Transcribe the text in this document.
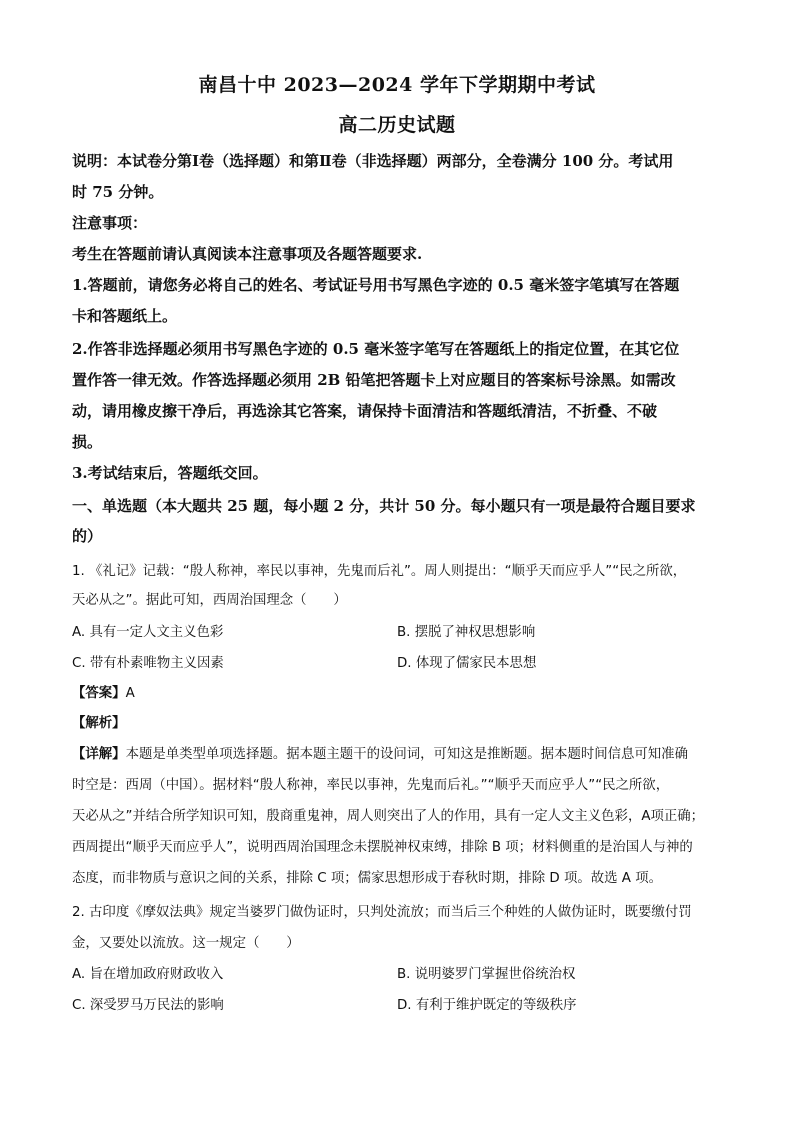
南昌十中 2023—2024 学年下学期期中考试
高二历史试题
说明：本试卷分第Ⅰ卷（选择题）和第Ⅱ卷（非选择题）两部分，全卷满分 100 分。考试用
时 75 分钟。
注意事项：
考生在答题前请认真阅读本注意事项及各题答题要求.
1.答题前，请您务必将自己的姓名、考试证号用书写黑色字迹的 0.5 毫米签字笔填写在答题
卡和答题纸上。
2.作答非选择题必须用书写黑色字迹的 0.5 毫米签字笔写在答题纸上的指定位置，在其它位
置作答一律无效。作答选择题必须用 2B 铅笔把答题卡上对应题目的答案标号涂黑。如需改
动，请用橡皮擦干净后，再选涂其它答案，请保持卡面清洁和答题纸清洁，不折叠、不破
损。
3.考试结束后，答题纸交回。
一、单选题（本大题共 25 题，每小题 2 分，共计 50 分。每小题只有一项是最符合题目要求
的）
1. 《礼记》记载：“殷人称神，率民以事神，先鬼而后礼”。周人则提出：“顺乎天而应乎人”“民之所欲，
天必从之”。据此可知，西周治国理念（　　）
A. 具有一定人文主义色彩	B. 摆脱了神权思想影响
C. 带有朴素唯物主义因素	D. 体现了儒家民本思想
【答案】A
【解析】
【详解】本题是单类型单项选择题。据本题主题干的设问词，可知这是推断题。据本题时间信息可知准确
时空是：西周（中国）。据材料“殷人称神，率民以事神，先鬼而后礼。”“顺乎天而应乎人”“民之所欲，
天必从之”并结合所学知识可知，殷商重鬼神，周人则突出了人的作用，具有一定人文主义色彩，A项正确；
西周提出“顺乎天而应乎人”，说明西周治国理念未摆脱神权束缚，排除 B 项；材料侧重的是治国人与神的
态度，而非物质与意识之间的关系，排除 C 项；儒家思想形成于春秋时期，排除 D 项。故选 A 项。
2. 古印度《摩奴法典》规定当婆罗门做伪证时，只判处流放；而当后三个种姓的人做伪证时，既要缴付罚
金，又要处以流放。这一规定（　　）
A. 旨在增加政府财政收入	B. 说明婆罗门掌握世俗统治权
C. 深受罗马万民法的影响	D. 有利于维护既定的等级秩序
